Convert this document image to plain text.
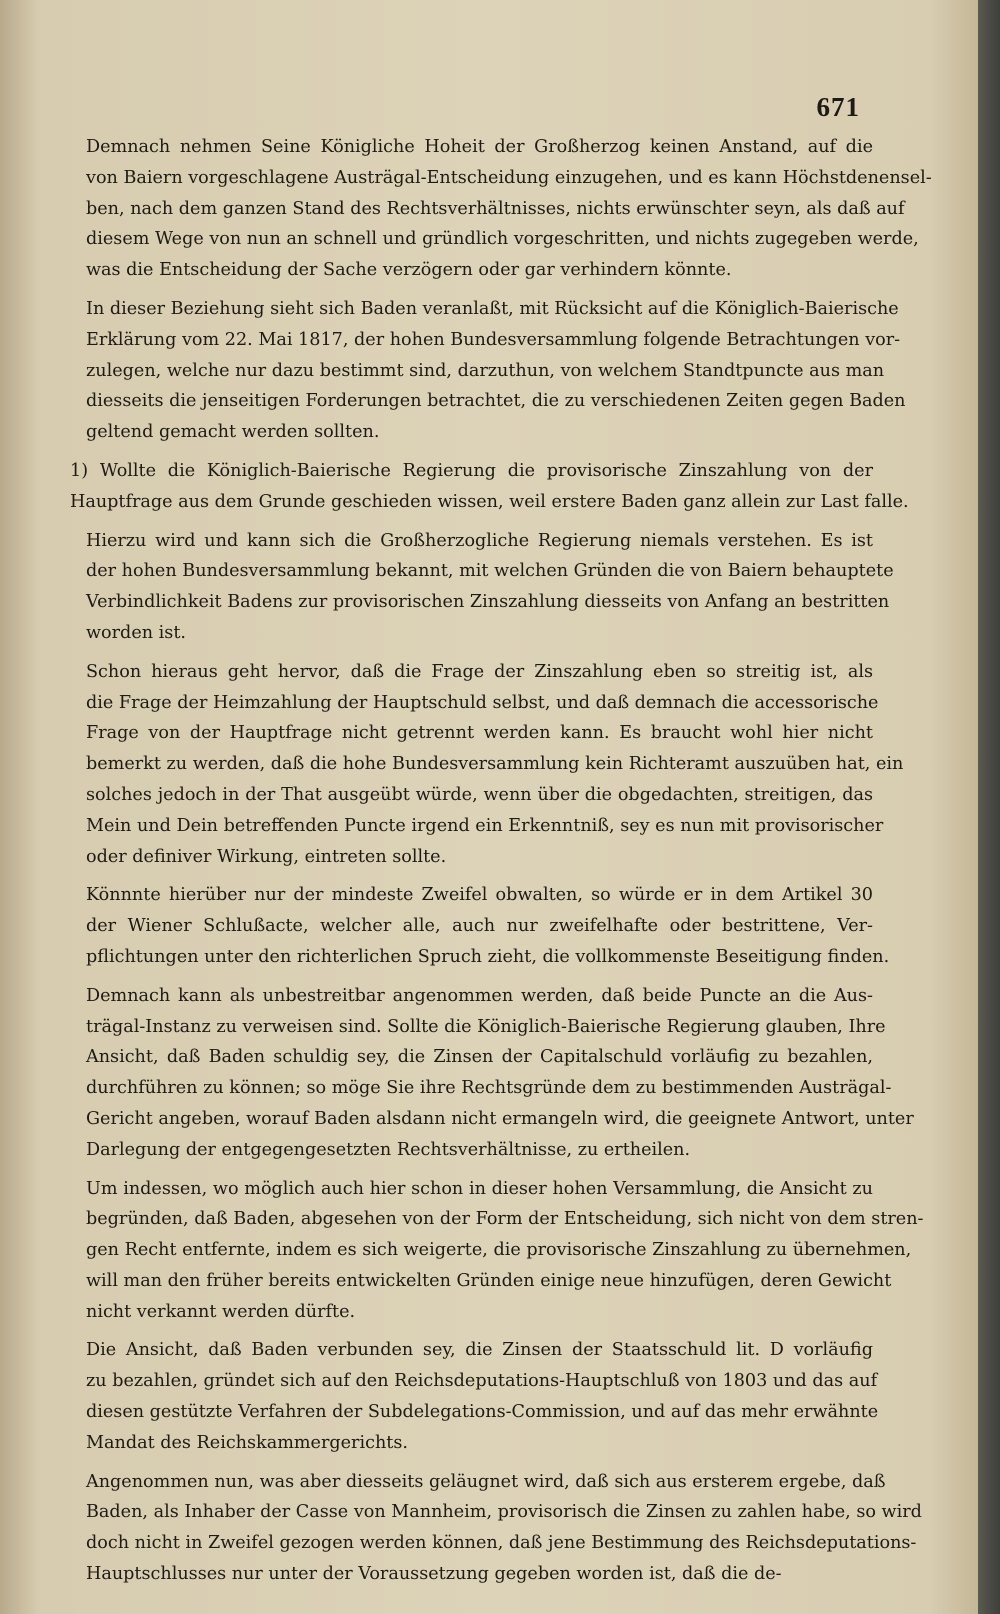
671

Demnach nehmen Seine Königliche Hoheit der Großherzog keinen Anstand, auf die
von Baiern vorgeschlagene Austrägal-Entscheidung einzugehen, und es kann Höchstdenensel-
ben, nach dem ganzen Stand des Rechtsverhältnisses, nichts erwünschter seyn, als daß auf
diesem Wege von nun an schnell und gründlich vorgeschritten, und nichts zugegeben werde,
was die Entscheidung der Sache verzögern oder gar verhindern könnte.

In dieser Beziehung sieht sich Baden veranlaßt, mit Rücksicht auf die Königlich-Baierische
Erklärung vom 22. Mai 1817, der hohen Bundesversammlung folgende Betrachtungen vor-
zulegen, welche nur dazu bestimmt sind, darzuthun, von welchem Standtpuncte aus man
diesseits die jenseitigen Forderungen betrachtet, die zu verschiedenen Zeiten gegen Baden
geltend gemacht werden sollten.

1) Wollte die Königlich-Baierische Regierung die provisorische Zinszahlung von der
Hauptfrage aus dem Grunde geschieden wissen, weil erstere Baden ganz allein zur Last falle.

Hierzu wird und kann sich die Großherzogliche Regierung niemals verstehen. Es ist
der hohen Bundesversammlung bekannt, mit welchen Gründen die von Baiern behauptete
Verbindlichkeit Badens zur provisorischen Zinszahlung diesseits von Anfang an bestritten
worden ist.

Schon hieraus geht hervor, daß die Frage der Zinszahlung eben so streitig ist, als
die Frage der Heimzahlung der Hauptschuld selbst, und daß demnach die accessorische
Frage von der Hauptfrage nicht getrennt werden kann. Es braucht wohl hier nicht
bemerkt zu werden, daß die hohe Bundesversammlung kein Richteramt auszuüben hat, ein
solches jedoch in der That ausgeübt würde, wenn über die obgedachten, streitigen, das
Mein und Dein betreffenden Puncte irgend ein Erkenntniß, sey es nun mit provisorischer
oder definiver Wirkung, eintreten sollte.

Könnnte hierüber nur der mindeste Zweifel obwalten, so würde er in dem Artikel 30
der Wiener Schlußacte, welcher alle, auch nur zweifelhafte oder bestrittene, Ver-
pflichtungen unter den richterlichen Spruch zieht, die vollkommenste Beseitigung finden.

Demnach kann als unbestreitbar angenommen werden, daß beide Puncte an die Aus-
trägal-Instanz zu verweisen sind. Sollte die Königlich-Baierische Regierung glauben, Ihre
Ansicht, daß Baden schuldig sey, die Zinsen der Capitalschuld vorläufig zu bezahlen,
durchführen zu können; so möge Sie ihre Rechtsgründe dem zu bestimmenden Austrägal-
Gericht angeben, worauf Baden alsdann nicht ermangeln wird, die geeignete Antwort, unter
Darlegung der entgegengesetzten Rechtsverhältnisse, zu ertheilen.

Um indessen, wo möglich auch hier schon in dieser hohen Versammlung, die Ansicht zu
begründen, daß Baden, abgesehen von der Form der Entscheidung, sich nicht von dem stren-
gen Recht entfernte, indem es sich weigerte, die provisorische Zinszahlung zu übernehmen,
will man den früher bereits entwickelten Gründen einige neue hinzufügen, deren Gewicht
nicht verkannt werden dürfte.

Die Ansicht, daß Baden verbunden sey, die Zinsen der Staatsschuld lit. D vorläufig
zu bezahlen, gründet sich auf den Reichsdeputations-Hauptschluß von 1803 und das auf
diesen gestützte Verfahren der Subdelegations-Commission, und auf das mehr erwähnte
Mandat des Reichskammergerichts.

Angenommen nun, was aber diesseits geläugnet wird, daß sich aus ersterem ergebe, daß
Baden, als Inhaber der Casse von Mannheim, provisorisch die Zinsen zu zahlen habe, so wird
doch nicht in Zweifel gezogen werden können, daß jene Bestimmung des Reichsdeputations-
Hauptschlusses nur unter der Voraussetzung gegeben worden ist, daß die de-
